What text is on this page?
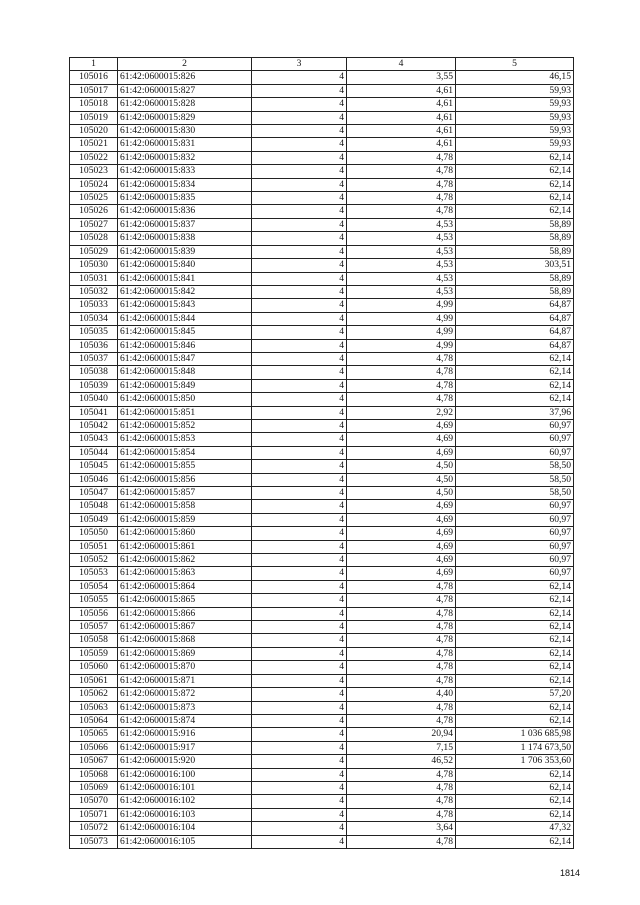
1	2	3	4	5
105016	61:42:0600015:826	4	3,55	46,15
105017	61:42:0600015:827	4	4,61	59,93
105018	61:42:0600015:828	4	4,61	59,93
105019	61:42:0600015:829	4	4,61	59,93
105020	61:42:0600015:830	4	4,61	59,93
105021	61:42:0600015:831	4	4,61	59,93
105022	61:42:0600015:832	4	4,78	62,14
105023	61:42:0600015:833	4	4,78	62,14
105024	61:42:0600015:834	4	4,78	62,14
105025	61:42:0600015:835	4	4,78	62,14
105026	61:42:0600015:836	4	4,78	62,14
105027	61:42:0600015:837	4	4,53	58,89
105028	61:42:0600015:838	4	4,53	58,89
105029	61:42:0600015:839	4	4,53	58,89
105030	61:42:0600015:840	4	4,53	303,51
105031	61:42:0600015:841	4	4,53	58,89
105032	61:42:0600015:842	4	4,53	58,89
105033	61:42:0600015:843	4	4,99	64,87
105034	61:42:0600015:844	4	4,99	64,87
105035	61:42:0600015:845	4	4,99	64,87
105036	61:42:0600015:846	4	4,99	64,87
105037	61:42:0600015:847	4	4,78	62,14
105038	61:42:0600015:848	4	4,78	62,14
105039	61:42:0600015:849	4	4,78	62,14
105040	61:42:0600015:850	4	4,78	62,14
105041	61:42:0600015:851	4	2,92	37,96
105042	61:42:0600015:852	4	4,69	60,97
105043	61:42:0600015:853	4	4,69	60,97
105044	61:42:0600015:854	4	4,69	60,97
105045	61:42:0600015:855	4	4,50	58,50
105046	61:42:0600015:856	4	4,50	58,50
105047	61:42:0600015:857	4	4,50	58,50
105048	61:42:0600015:858	4	4,69	60,97
105049	61:42:0600015:859	4	4,69	60,97
105050	61:42:0600015:860	4	4,69	60,97
105051	61:42:0600015:861	4	4,69	60,97
105052	61:42:0600015:862	4	4,69	60,97
105053	61:42:0600015:863	4	4,69	60,97
105054	61:42:0600015:864	4	4,78	62,14
105055	61:42:0600015:865	4	4,78	62,14
105056	61:42:0600015:866	4	4,78	62,14
105057	61:42:0600015:867	4	4,78	62,14
105058	61:42:0600015:868	4	4,78	62,14
105059	61:42:0600015:869	4	4,78	62,14
105060	61:42:0600015:870	4	4,78	62,14
105061	61:42:0600015:871	4	4,78	62,14
105062	61:42:0600015:872	4	4,40	57,20
105063	61:42:0600015:873	4	4,78	62,14
105064	61:42:0600015:874	4	4,78	62,14
105065	61:42:0600015:916	4	20,94	1 036 685,98
105066	61:42:0600015:917	4	7,15	1 174 673,50
105067	61:42:0600015:920	4	46,52	1 706 353,60
105068	61:42:0600016:100	4	4,78	62,14
105069	61:42:0600016:101	4	4,78	62,14
105070	61:42:0600016:102	4	4,78	62,14
105071	61:42:0600016:103	4	4,78	62,14
105072	61:42:0600016:104	4	3,64	47,32
105073	61:42:0600016:105	4	4,78	62,14
1814
